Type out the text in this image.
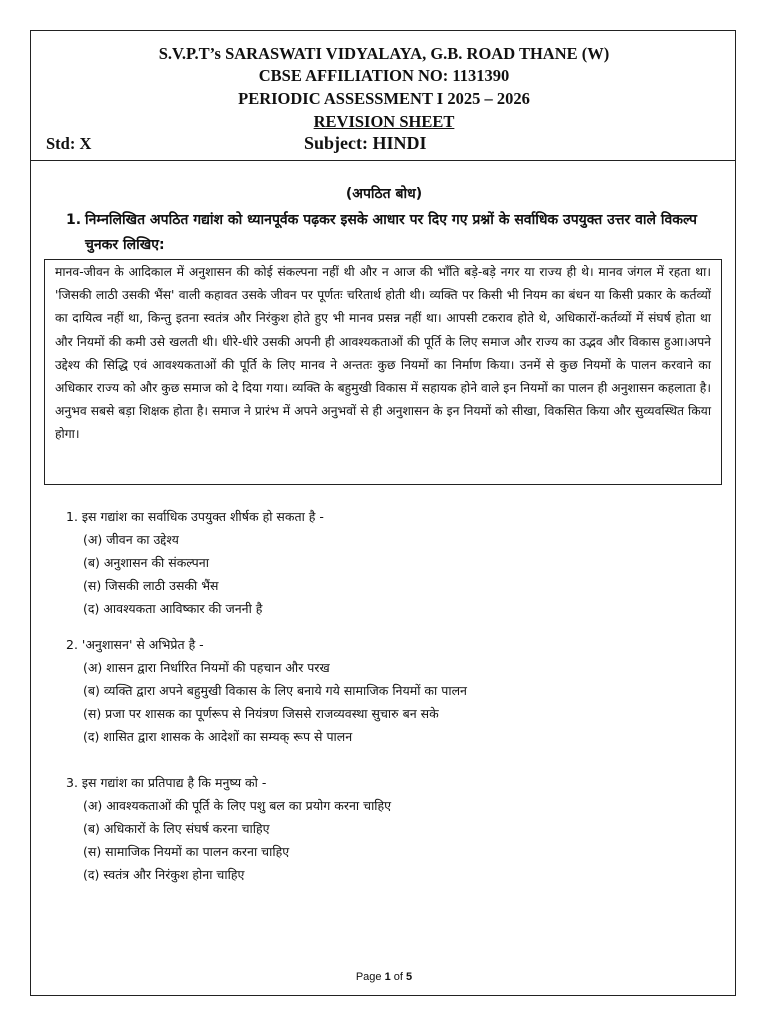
S.V.P.T’s SARASWATI VIDYALAYA, G.B. ROAD THANE (W)
CBSE AFFILIATION NO: 1131390
PERIODIC ASSESSMENT I 2025 – 2026
REVISION SHEET
Std: X	Subject: HINDI
(अपठित बोध)
1. निम्नलिखित अपठित गद्यांश को ध्यानपूर्वक पढ़कर इसके आधार पर दिए गए प्रश्नों के सर्वाधिक उपयुक्त उत्तर वाले विकल्प चुनकर लिखिए:
मानव-जीवन के आदिकाल में अनुशासन की कोई संकल्पना नहीं थी और न आज की भाँति बड़े-बड़े नगर या राज्य ही थे। मानव जंगल में रहता था। 'जिसकी लाठी उसकी भैंस' वाली कहावत उसके जीवन पर पूर्णतः चरितार्थ होती थी। व्यक्ति पर किसी भी नियम का बंधन या किसी प्रकार के कर्तव्यों का दायित्व नहीं था, किन्तु इतना स्वतंत्र और निरंकुश होते हुए भी मानव प्रसन्न नहीं था। आपसी टकराव होते थे, अधिकारों-कर्तव्यों में संघर्ष होता था और नियमों की कमी उसे खलती थी। धीरे-धीरे उसकी अपनी ही आवश्यकताओं की पूर्ति के लिए समाज और राज्य का उद्भव और विकास हुआ।अपने उद्देश्य की सिद्धि एवं आवश्यकताओं की पूर्ति के लिए मानव ने अन्ततः कुछ नियमों का निर्माण किया। उनमें से कुछ नियमों के पालन करवाने का अधिकार राज्य को और कुछ समाज को दे दिया गया। व्यक्ति के बहुमुखी विकास में सहायक होने वाले इन नियमों का पालन ही अनुशासन कहलाता है। अनुभव सबसे बड़ा शिक्षक होता है। समाज ने प्रारंभ में अपने अनुभवों से ही अनुशासन के इन नियमों को सीखा, विकसित किया और सुव्यवस्थित किया होगा।
1. इस गद्यांश का सर्वाधिक उपयुक्त शीर्षक हो सकता है -
(अ) जीवन का उद्देश्य
(ब) अनुशासन की संकल्पना
(स) जिसकी लाठी उसकी भैंस
(द) आवश्यकता आविष्कार की जननी है
2. 'अनुशासन' से अभिप्रेत है -
(अ) शासन द्वारा निर्धारित नियमों की पहचान और परख
(ब) व्यक्ति द्वारा अपने बहुमुखी विकास के लिए बनाये गये सामाजिक नियमों का पालन
(स) प्रजा पर शासक का पूर्णरूप से नियंत्रण जिससे राजव्यवस्था सुचारु बन सके
(द) शासित द्वारा शासक के आदेशों का सम्यक् रूप से पालन
3. इस गद्यांश का प्रतिपाद्य है कि मनुष्य को -
(अ) आवश्यकताओं की पूर्ति के लिए पशु बल का प्रयोग करना चाहिए
(ब) अधिकारों के लिए संघर्ष करना चाहिए
(स) सामाजिक नियमों का पालन करना चाहिए
(द) स्वतंत्र और निरंकुश होना चाहिए
Page 1 of 5
